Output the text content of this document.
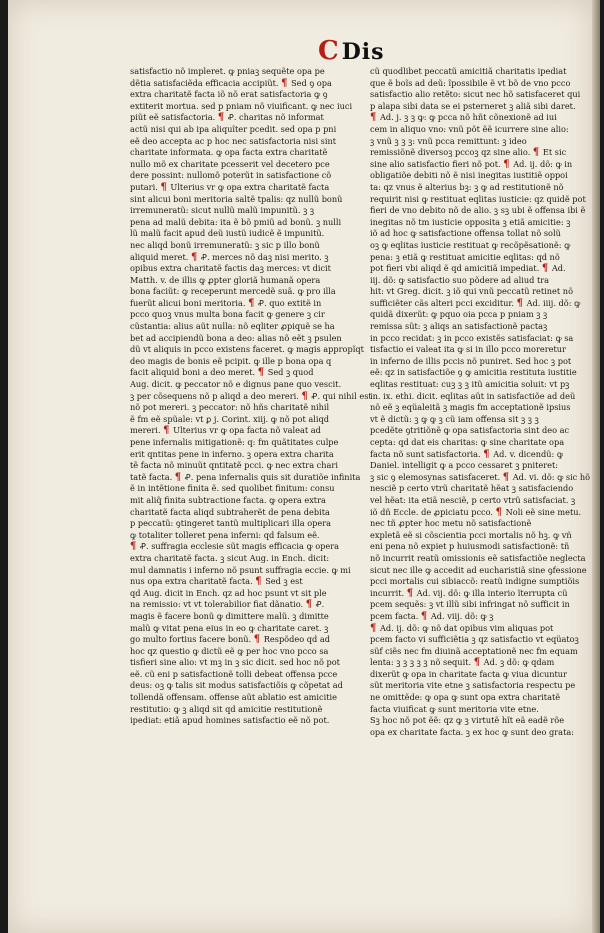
CDis
satisfactio nõ impleret. ꝙ pniaꝫ sequẽte opa pe
dẽtia satisfaciẽda efficacia accipiũt. ¶ Sed ꝯ opa
extra charitatẽ facta iõ nõ erat satisfactoria ꝙ ꝯ
extiterit mortua. sed p pniam nõ viuificant. ꝙ nec iuci
piũt eẽ satisfactoria. ¶ Ꝓ. charitas nõ informat
actũ nisi qui ab ipa aliquĩter pcedit. sed opa p pni
eẽ deo accepta ac p hoc nec satisfactoria nisi sint
charitate informata. ꝙ opa facta extra charitatẽ
nullo mõ ex charitate pcesserit vel decetero pce
dere possint: nullomõ poterũt in satisfactione cõ
putari. ¶ Ulterius vr ꝙ opa extra charitatẽ facta
sint alicui boni meritoria saltẽ tpalis: qz nullũ bonũ
irremuneratũ: sicut nullũ malũ impunitũ. ꝫ ꝫ
pena ad malũ debita: ita ẽ bõ pmiũ ad bonũ. ꝫ nulli
lũ malũ facit apud deũ iustũ iudicẽ ẽ impunitũ.
nec aliqd bonũ irremuneratũ: ꝫ sic p illo bonũ
aliquid meret. ¶ Ꝓ. merces nõ daꝫ nisi merito. ꝫ
opibus extra charitatẽ factis daꝫ merces: vt dicit
Matth. v. de illis ꝙ ꝓpter gloriã humanã opera
bona faciũt: ꝙ receperunt mercedẽ suã. ꝙ pro illa
fuerũt alicui boni meritoria. ¶ Ꝓ. quo extitẽ in
pcco quoꝫ vnus multa bona facit ꝙ genere ꝫ cir
cũstantia: alius aũt nulla: nõ eqliter ꝓpiquẽ se ha
bet ad accipiendũ bona a deo: alias nõ eẽt ꝫ psulen
dũ vt aliquis in pcco existens faceret. ꝙ magis appropĩqt
deo magis de bonis eẽ pcipit. ꝙ ille p bona opa q
facit aliquid boni a deo meret. ¶ Sed ꝫ quod
Aug. dicit. ꝙ peccator nõ e dignus pane quo vescit.
ꝫ per cõsequens nõ p aliqd a deo mereri. ¶ Ꝓ. qui nihil est
nõ pot mereri. ꝫ peccator: nõ hñs charitatẽ nihil
ẽ fm eẽ spũale: vt ꝑ j. Corint. xiij. ꝙ nõ pot aliqd
mereri. ¶ Ulterius vr ꝙ opa facta nõ valeat ad
pene infernalis mitigationẽ: q: fm quãtitates culpe
erit qntitas pene in inferno. ꝫ opera extra charita
tẽ facta nõ minuũt qntitatẽ pcci. ꝙ nec extra chari
tatẽ facta. ¶ Ꝓ. pena infernalis quis sit duratiõe infinita
ẽ in intẽtione finita ẽ. sed quolibet finitum: consu
mit aliq̃ finita subtractione facta. ꝙ opera extra
charitatẽ facta aliqd subtraherẽt de pena debita
p peccatũ: ꝯtingeret tantũ multiplicari illa opera
ꝙ totaliter tolleret pena inferni: qd falsum eẽ.
¶ Ꝓ. suffragia ecclesie sũt magis efficacia ꝙ opera
extra charitatẽ facta. ꝫ sicut Aug. in Ench. dicit:
mul damnatis i inferno nõ psunt suffragia eccie. ꝙ mi
nus opa extra charitatẽ facta. ¶ Sed ꝫ est
qd Aug. dicit in Ench. qz ad hoc psunt vt sit ple
na remissio: vt vt tolerabilior fiat dãnatio. ¶ Ꝓ.
magis ẽ facere bonũ ꝙ dimittere malũ. ꝫ dimitte
malũ ꝙ vitat pena eius in eo ꝙ charitate caret. ꝫ
go multo fortius facere bonũ. ¶ Respõdeo qd ad
hoc qz questio ꝙ dictũ eẽ ꝙ per hoc vno pcco sa
tisfieri sine alio: vt mꝫ in ꝫ sic dicit. sed hoc nõ pot
eẽ. cũ eni p satisfactionẽ tolli debeat offensa pcce
deus: oꝫ ꝙ talis sit modus satisfactiõis ꝙ cõpetat ad
tollendã offensam. offense aũt ablatio est amicitie
restitutio: ꝙ ꝫ aliqd sit qd amicitie restitutionẽ
ipediat: etiã apud homines satisfactio eẽ nõ pot.
cũ quodlibet peccatũ amicitiã charitatis ipediat
que ẽ boĩs ad deũ: ĩpossibile ẽ vt bõ de vno pcco
satisfactio alio retẽto: sicut nec hõ satisfaceret qui
p alapa sibi data se ei psterneret ꝫ aliã sibi daret.
¶ Ad. j. ꝫ ꝫ ꝙ: ꝙ pcca nõ hñt cõnexionẽ ad iui
cem in aliquo vno: vnũ põt ẽẽ icurrere sine alio:
ꝫ vnũ ꝫ ꝫ ꝫ: vnũ pcca remittunt: ꝫ ideo
remissiõnẽ diversoꝫ pccoꝫ qz sine alio. ¶ Et sic
sine alio satisfactio fieri nõ pot. ¶ Ad. ij. dõ: ꝙ in
obligatiõe debiti nõ ẽ nisi inegitas iustitiẽ oppoi
ta: qz vnus ẽ alterius bꝫ: ꝫ ꝙ ad restitutionẽ nõ
requirit nisi ꝙ restituat eqlitas iusticie: qz quidẽ pot
fieri de vno debito nõ de alio. ꝫ sꝫ ubi ẽ offensa ibi ẽ
inegitas nõ tm iusticie opposita ꝫ etiã amicitie: ꝫ
iõ ad hoc ꝙ satisfactione offensa tollat nõ solũ
oꝫ ꝙ eqlitas iusticie restituat ꝙ recõpẽsationẽ: ꝙ
pena: ꝫ etiã ꝙ restituat amicitie eqlitas: qd nõ
pot fieri vbi aliqd ẽ qd amicitiã impediat. ¶ Ad.
iij. dõ: ꝙ satisfactio suo põdere ad aliud tra
hit: vt Greg. dicit. ꝫ iõ qui vnũ peccatũ retinet nõ
sufficiẽter cãs alteri pcci exciditur. ¶ Ad. iiij. dõ: ꝙ
quidã dixerũt: ꝙ pquo oia pcca p pniam ꝫ ꝫ
remissa sũt: ꝫ aliqs an satisfactionẽ pactaꝫ
in pcco recidat: ꝫ in pcco existẽs satisfaciat: ꝙ sa
tisfactio ei valeat ita ꝙ si in illo pcco moreretur
in inferno de illis pccis nõ puniret. Sed hoc ꝫ pot
eẽ: qz in satisfactiõe ꝯ ꝙ amicitia restituta iustitie
eqlitas restituat: cuꝫ ꝫ ꝫ itũ amicitia soluit: vt pꝫ
in. ix. ethi. dicit. eqlitas aũt in satisfactiõe ad deũ
nõ eẽ ꝫ eqüaleitã ꝫ magis fm acceptationẽ ipsius
vt ẽ dictũ: ꝫ ꝙ ꝙ ꝫ cũ iam offensa sit ꝫ ꝫ ꝫ
pcedẽte ꝯtritiõnẽ ꝙ opa satisfactoria sint deo ac
cepta: qd dat eis charitas: ꝙ sine charitate opa
facta nõ sunt satisfactoria. ¶ Ad. v. dicendũ: ꝙ
Daniel. intelligit ꝙ a pcco cessaret ꝫ pniteret:
ꝫ sic ꝯ elemosynas satisfaceret. ¶ Ad. vi. dõ: ꝙ sic hõ
nesciẽ p certo vtrũ charitatẽ hẽat ꝫ satisfaciendo
vel hẽat: ita etiã nesciẽ, p certo vtrũ satisfaciat. ꝫ
iõ dñ Eccle. de ꝓpiciatu pcco. ¶ Noli eẽ sine metu.
nec tñ ꝓpter hoc metu nõ satisfactionẽ
expletã eẽ si cõscientia pcci mortalis nõ hꝫ. ꝙ vñ
eni pena nõ expiet p huiusmodi satisfactionẽ: tñ
nõ incurrit reatũ omissionis eẽ satisfactiõe neglecta
sicut nec ille ꝙ accedit ad eucharistiã sine ꝯfessione
pcci mortalis cui sibiaccõ: reatũ indigne sumptiõis
incurrit. ¶ Ad. vij. dõ: ꝙ illa interio ĩterrupta cũ
pcem sequẽs: ꝫ vt illũ sibi infringat nõ sufficit in
pcem facta. ¶ Ad. viij. dõ: ꝙ ꝫ
¶ Ad. ij. dõ: ꝙ nõ dat opibus vim aliquas pot
pcem facto vi sufficiẽtia ꝫ qz satisfactio vt eqüatoꝫ
sũf ciẽs nec fm diuinã acceptationẽ nec fm equam
lenta: ꝫ ꝫ ꝫ ꝫ ꝫ nõ sequit. ¶ Ad. ꝫ dõ: ꝙ qdam
dixerũt ꝙ opa in charitate facta ꝙ viua dicuntur
sũt meritoria vite etne ꝫ satisfactoria respectu pe
ne omittẽde: ꝙ opa ꝙ sunt opa extra charitatẽ
facta viuificat ꝙ sunt meritoria vite etne.
Sꝫ hoc nõ pot ẽẽ: qz ꝙ ꝫ virtutẽ hĩt eã eadẽ rõe
opa ex charitate facta. ꝫ ex hoc ꝙ sunt deo grata:
